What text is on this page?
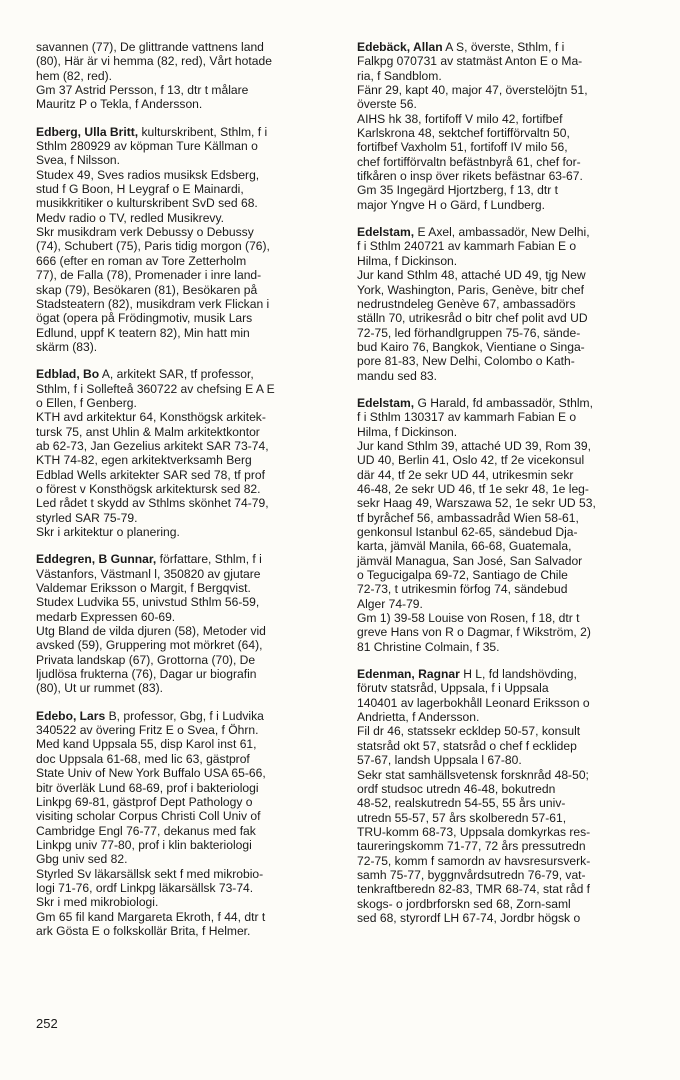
savannen (77), De glittrande vattnens land
(80), Här är vi hemma (82, red), Vårt hotade
hem (82, red).

Gm 37 Astrid Persson, f 13, dtr t målare
Mauritz P o Tekla, f Andersson.

Edberg, Ulla Britt, kulturskribent, Sthlm, f i
Sthlm 280929 av köpman Ture Källman o
Svea, f Nilsson.

Studex 49, Sves radios musiksk Edsberg,
stud f G Boon, H Leygraf o E Mainardi,
musikkritiker o kulturskribent SvD sed 68.
Medv radio o TV, redled Musikrevy.

Skr musikdram verk Debussy o Debussy
(74), Schubert (75), Paris tidig morgon (76),
666 (efter en roman av Tore Zetterholm
77), de Falla (78), Promenader i inre land-
skap (79), Besökaren (81), Besökaren på
Stadsteatern (82), musikdram verk Flickan i
ögat (opera på Frödingmotiv, musik Lars
Edlund, uppf K teatern 82), Min hatt min
skärm (83).

Edblad, Bo A, arkitekt SAR, tf professor,
Sthlm, f i Sollefteå 360722 av chefsing E A E
o Ellen, f Genberg.

KTH avd arkitektur 64, Konsthögsk arkitek-
tursk 75, anst Uhlin & Malm arkitektkontor
ab 62-73, Jan Gezelius arkitekt SAR 73-74,
KTH 74-82, egen arkitektverksamh Berg
Edblad Wells arkitekter SAR sed 78, tf prof
o förest v Konsthögsk arkitektursk sed 82.
Led rådet t skydd av Sthlms skönhet 74-79,
styrled SAR 75-79.

Skr i arkitektur o planering.

Eddegren, B Gunnar, författare, Sthlm, f i
Västanfors, Västmanl l, 350820 av gjutare
Valdemar Eriksson o Margit, f Bergqvist.

Studex Ludvika 55, univstud Sthlm 56-59,
medarb Expressen 60-69.

Utg Bland de vilda djuren (58), Metoder vid
avsked (59), Gruppering mot mörkret (64),
Privata landskap (67), Grottorna (70), De
ljudlösa frukterna (76), Dagar ur biografin
(80), Ut ur rummet (83).

Edebo, Lars B, professor, Gbg, f i Ludvika
340522 av övering Fritz E o Svea, f Öhrn.

Med kand Uppsala 55, disp Karol inst 61,
doc Uppsala 61-68, med lic 63, gästprof
State Univ of New York Buffalo USA 65-66,
bitr överläk Lund 68-69, prof i bakteriologi
Linkpg 69-81, gästprof Dept Pathology o
visiting scholar Corpus Christi Coll Univ of
Cambridge Engl 76-77, dekanus med fak
Linkpg univ 77-80, prof i klin bakteriologi
Gbg univ sed 82.

Styrled Sv läkarsällsk sekt f med mikrobio-
logi 71-76, ordf Linkpg läkarsällsk 73-74.

Skr i med mikrobiologi.

Gm 65 fil kand Margareta Ekroth, f 44, dtr t
ark Gösta E o folkskollär Brita, f Helmer.

Edebäck, Allan A S, överste, Sthlm, f i
Falkpg 070731 av statmäst Anton E o Ma-
ria, f Sandblom.

Fänr 29, kapt 40, major 47, överstelöjtn 51,
överste 56.

AIHS hk 38, fortifoff V milo 42, fortifbef
Karlskrona 48, sektchef fortifförvaltn 50,
fortifbef Vaxholm 51, fortifoff IV milo 56,
chef fortifförvaltn befästnbyrå 61, chef for-
tifkåren o insp över rikets befästnar 63-67.

Gm 35 Ingegärd Hjortzberg, f 13, dtr t
major Yngve H o Gärd, f Lundberg.

Edelstam, E Axel, ambassadör, New Delhi,
f i Sthlm 240721 av kammarh Fabian E o
Hilma, f Dickinson.

Jur kand Sthlm 48, attaché UD 49, tjg New
York, Washington, Paris, Genève, bitr chef
nedrustndeleg Genève 67, ambassadörs
ställn 70, utrikesråd o bitr chef polit avd UD
72-75, led förhandlgruppen 75-76, sände-
bud Kairo 76, Bangkok, Vientiane o Singa-
pore 81-83, New Delhi, Colombo o Kath-
mandu sed 83.

Edelstam, G Harald, fd ambassadör, Sthlm,
f i Sthlm 130317 av kammarh Fabian E o
Hilma, f Dickinson.

Jur kand Sthlm 39, attaché UD 39, Rom 39,
UD 40, Berlin 41, Oslo 42, tf 2e vicekonsul
där 44, tf 2e sekr UD 44, utrikesmin sekr
46-48, 2e sekr UD 46, tf 1e sekr 48, 1e leg-
sekr Haag 49, Warszawa 52, 1e sekr UD 53,
tf byråchef 56, ambassadråd Wien 58-61,
genkonsul Istanbul 62-65, sändebud Dja-
karta, jämväl Manila, 66-68, Guatemala,
jämväl Managua, San José, San Salvador
o Tegucigalpa 69-72, Santiago de Chile
72-73, t utrikesmin förfog 74, sändebud
Alger 74-79.

Gm 1) 39-58 Louise von Rosen, f 18, dtr t
greve Hans von R o Dagmar, f Wikström, 2)
81 Christine Colmain, f 35.

Edenman, Ragnar H L, fd landshövding,
förutv statsråd, Uppsala, f i Uppsala
140401 av lagerbokhåll Leonard Eriksson o
Andrietta, f Andersson.

Fil dr 46, statssekr eckldep 50-57, konsult
statsråd okt 57, statsråd o chef f ecklidep
57-67, landsh Uppsala l 67-80.

Sekr stat samhällsvetensk forsknråd 48-50;
ordf studsoc utredn 46-48, bokutredn
48-52, realskutredn 54-55, 55 års univ-
utredn 55-57, 57 års skolberedn 57-61,
TRU-komm 68-73, Uppsala domkyrkas res-
taureringskomm 71-77, 72 års pressutredn
72-75, komm f samordn av havsresursverk-
samh 75-77, byggnvårdsutredn 76-79, vat-
tenkraftberedn 82-83, TMR 68-74, stat råd f
skogs- o jordbrforskn sed 68, Zorn-saml
sed 68, styrordf LH 67-74, Jordbr högsk o

252
